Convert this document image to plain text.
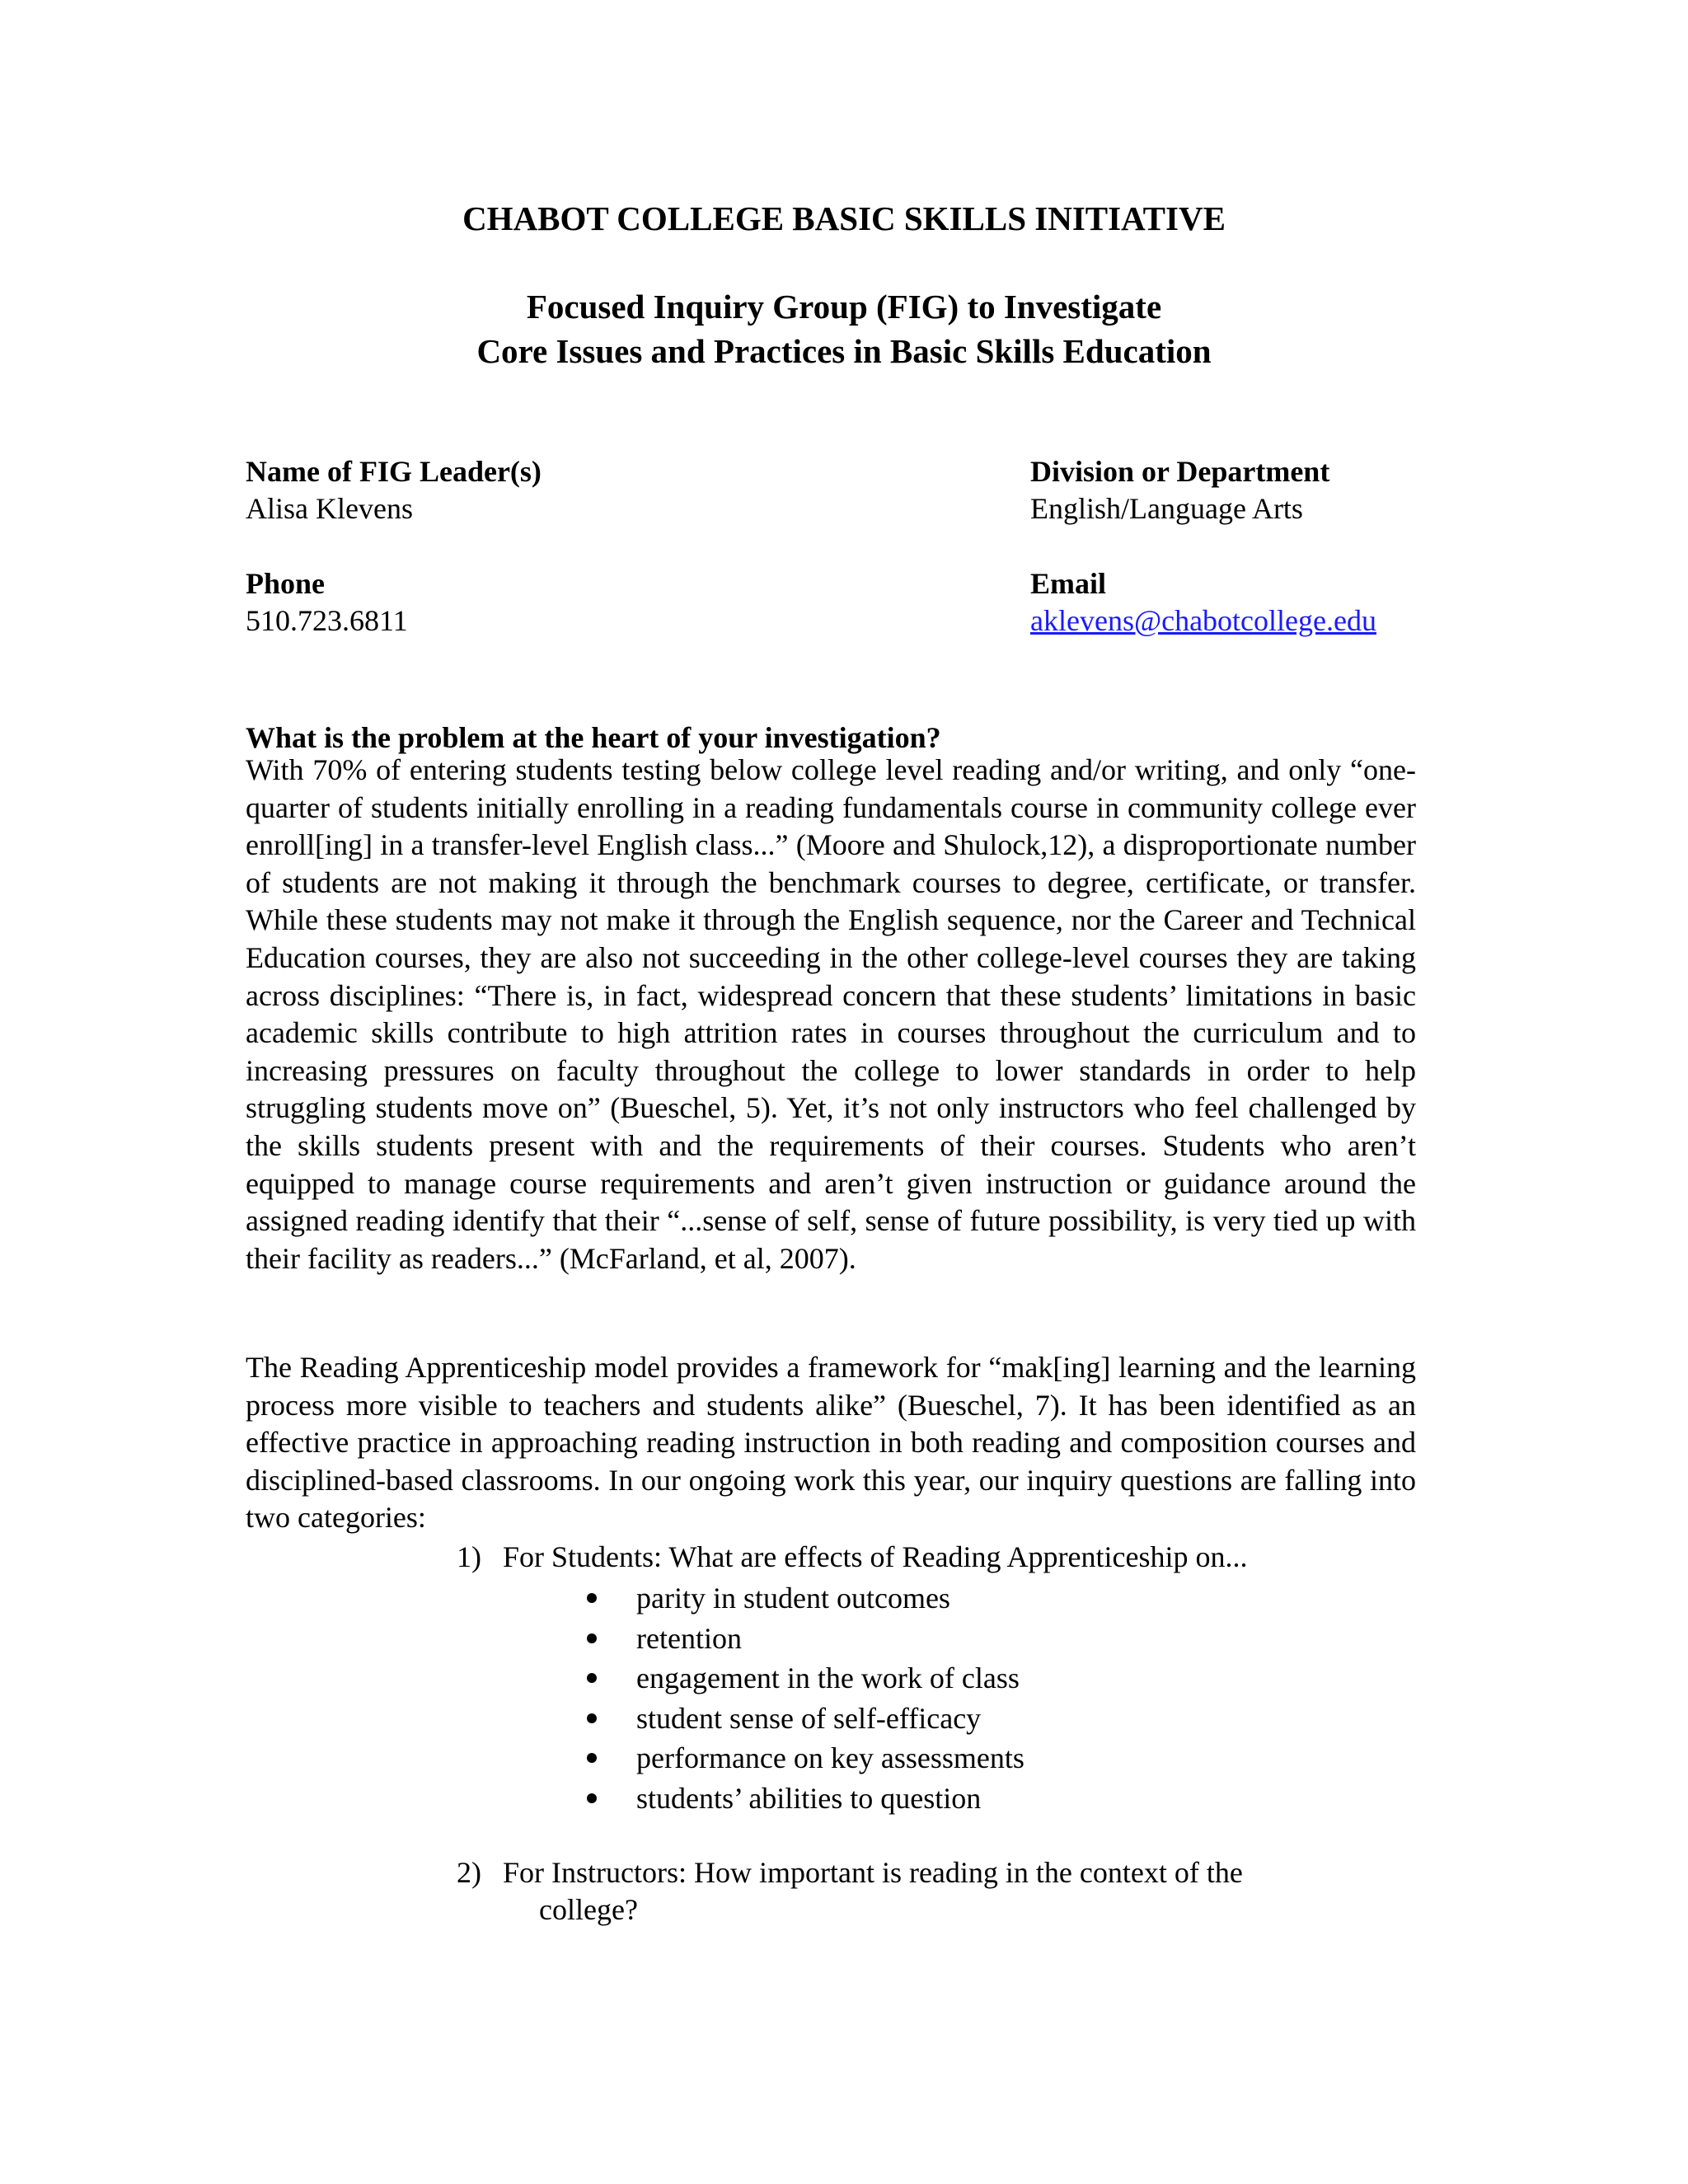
CHABOT COLLEGE BASIC SKILLS INITIATIVE
Focused Inquiry Group (FIG) to Investigate
Core Issues and Practices in Basic Skills Education
Name of FIG Leader(s)
Alisa Klevens
Division or Department
English/Language Arts
Phone
510.723.6811
Email
aklevens@chabotcollege.edu
What is the problem at the heart of your investigation?
With 70% of entering students testing below college level reading and/or writing, and only “one-quarter of students initially enrolling in a reading fundamentals course in community college ever enroll[ing] in a transfer-level English class...” (Moore and Shulock,12), a disproportionate number of students are not making it through the benchmark courses to degree, certificate, or transfer. While these students may not make it through the English sequence, nor the Career and Technical Education courses, they are also not succeeding in the other college-level courses they are taking across disciplines: “There is, in fact, widespread concern that these students’ limitations in basic academic skills contribute to high attrition rates in courses throughout the curriculum and to increasing pressures on faculty throughout the college to lower standards in order to help struggling students move on” (Bueschel, 5). Yet, it’s not only instructors who feel challenged by the skills students present with and the requirements of their courses. Students who aren’t equipped to manage course requirements and aren’t given instruction or guidance around the assigned reading identify that their “...sense of self, sense of future possibility, is very tied up with their facility as readers...” (McFarland, et al, 2007).
The Reading Apprenticeship model provides a framework for “mak[ing] learning and the learning process more visible to teachers and students alike” (Bueschel, 7). It has been identified as an effective practice in approaching reading instruction in both reading and composition courses and disciplined-based classrooms. In our ongoing work this year, our inquiry questions are falling into two categories:
1) For Students: What are effects of Reading Apprenticeship on...
parity in student outcomes
retention
engagement in the work of class
student sense of self-efficacy
performance on key assessments
students’ abilities to question
2) For Instructors: How important is reading in the context of the
college?
